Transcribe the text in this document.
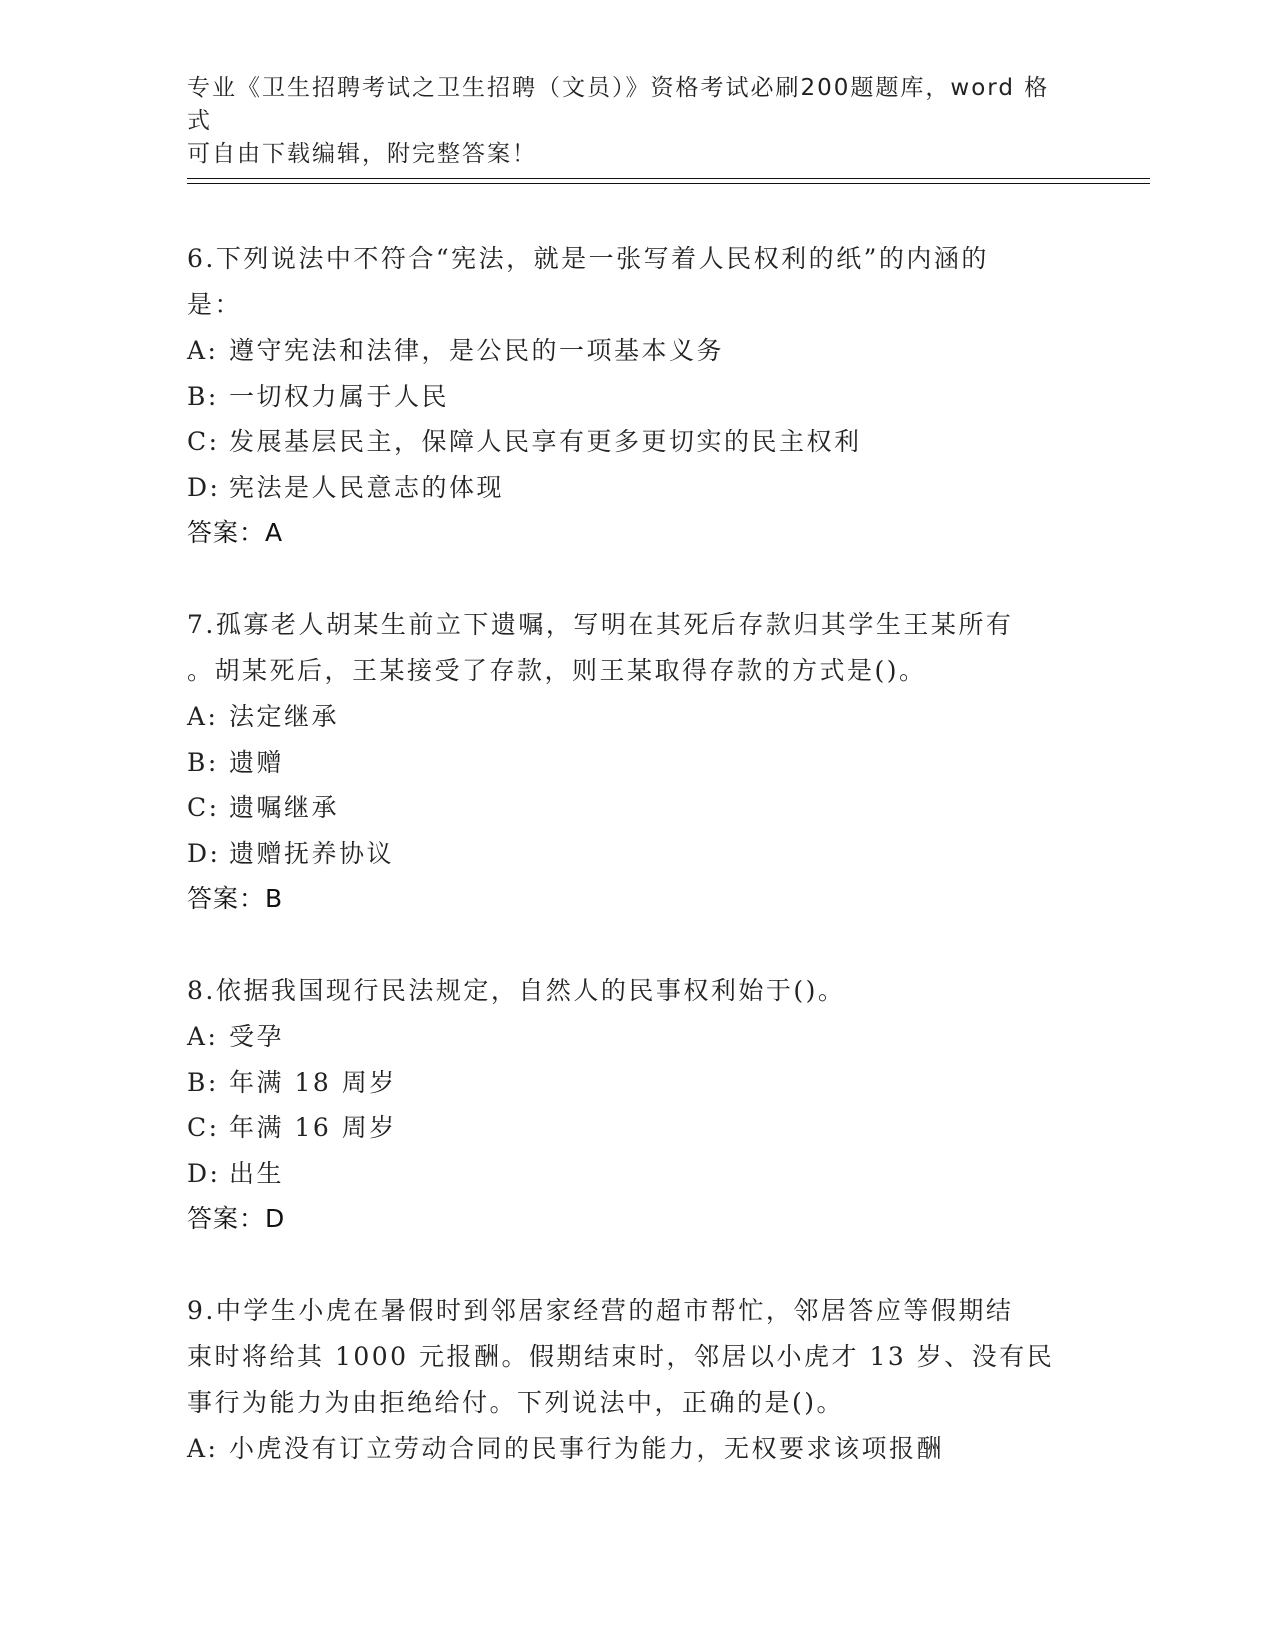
专业《卫生招聘考试之卫生招聘（文员）》资格考试必刷200题题库，word 格式

可自由下载编辑，附完整答案！

6.下列说法中不符合“宪法，就是一张写着人民权利的纸”的内涵的
是：

A: 遵守宪法和法律，是公民的一项基本义务

B: 一切权力属于人民

C: 发展基层民主，保障人民享有更多更切实的民主权利

D: 宪法是人民意志的体现

答案：A

7.孤寡老人胡某生前立下遗嘱，写明在其死后存款归其学生王某所有
。胡某死后，王某接受了存款，则王某取得存款的方式是()。

A: 法定继承

B: 遗赠

C: 遗嘱继承

D: 遗赠抚养协议

答案：B

8.依据我国现行民法规定，自然人的民事权利始于()。

A: 受孕

B: 年满 18 周岁

C: 年满 16 周岁

D: 出生

答案：D

9.中学生小虎在暑假时到邻居家经营的超市帮忙，邻居答应等假期结
束时将给其 1000 元报酬。假期结束时，邻居以小虎才 13 岁、没有民
事行为能力为由拒绝给付。下列说法中，正确的是()。

A: 小虎没有订立劳动合同的民事行为能力，无权要求该项报酬
